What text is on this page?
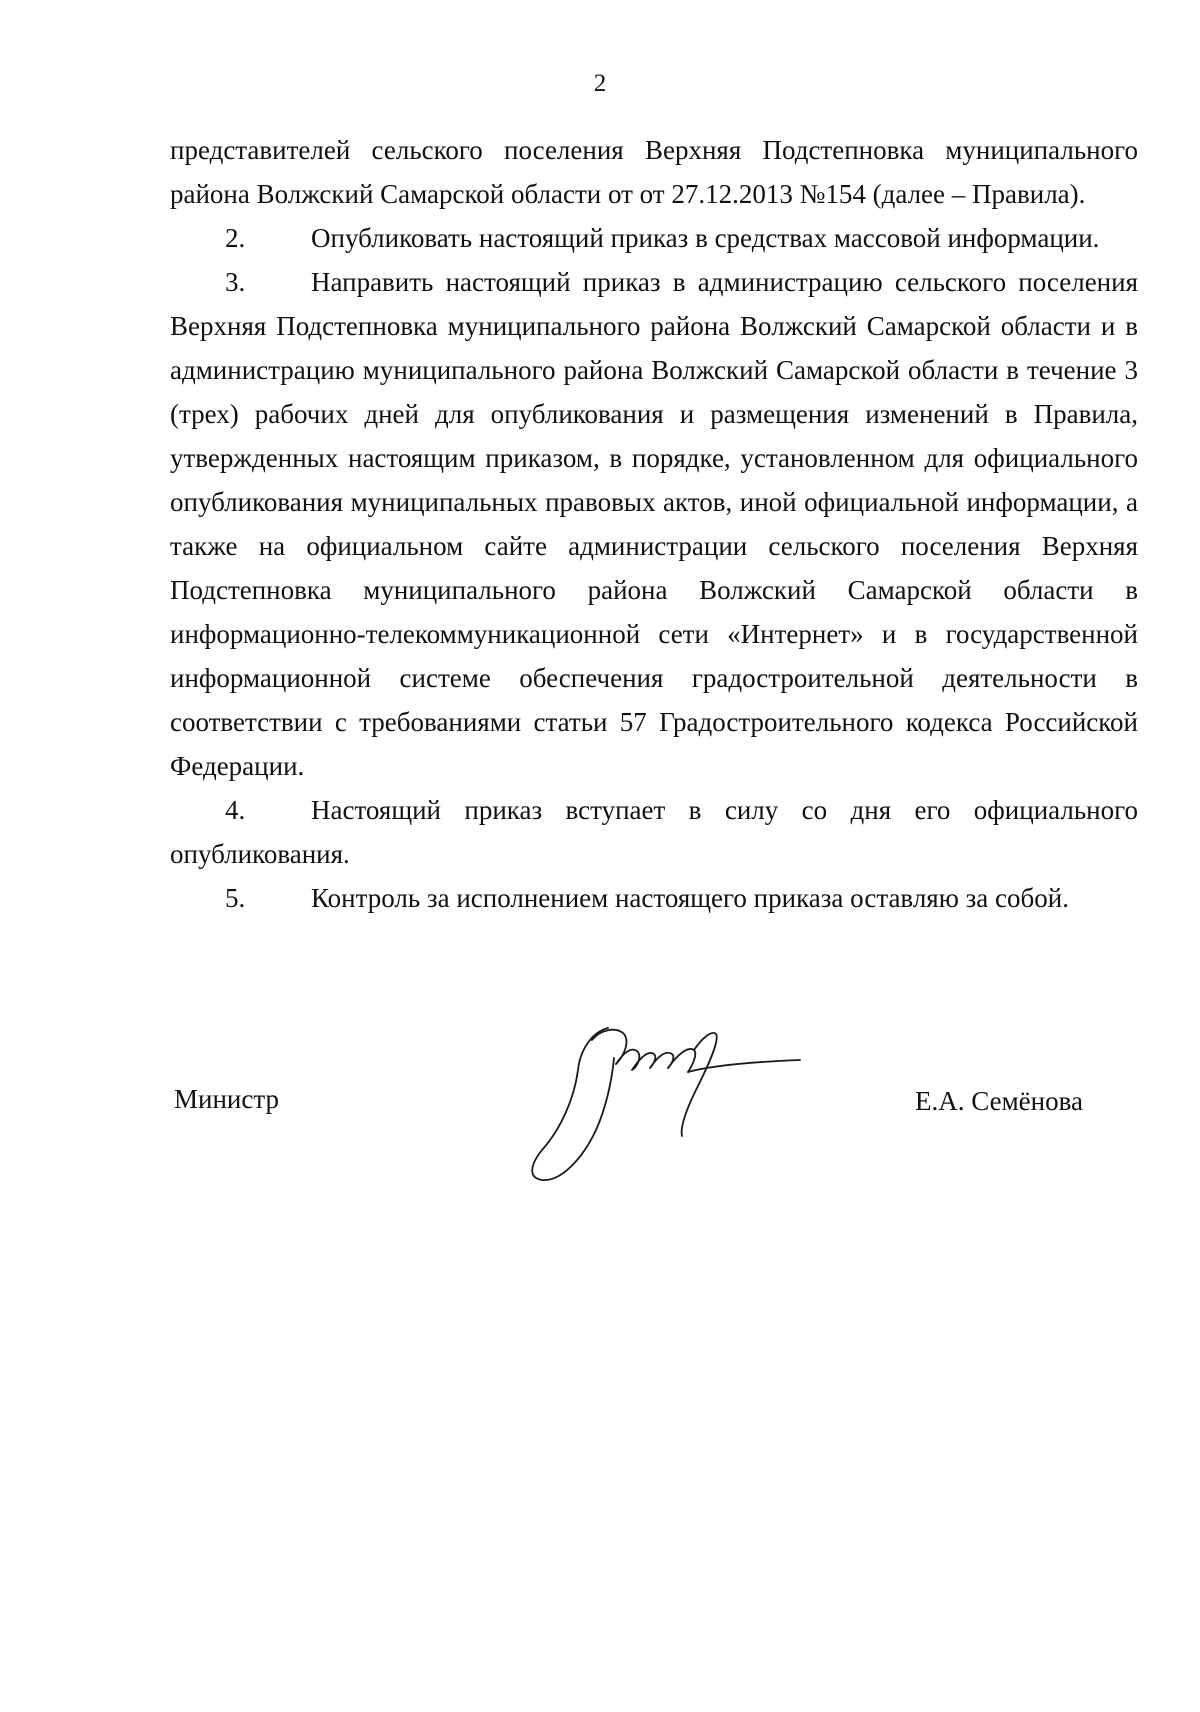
2

представителей сельского поселения Верхняя Подстепновка муниципального района Волжский Самарской области от от 27.12.2013 №154 (далее – Правила).

2. Опубликовать настоящий приказ в средствах массовой информации.

3. Направить настоящий приказ в администрацию сельского поселения Верхняя Подстепновка муниципального района Волжский Самарской области и в администрацию муниципального района Волжский Самарской области в течение 3 (трех) рабочих дней для опубликования и размещения изменений в Правила, утвержденных настоящим приказом, в порядке, установленном для официального опубликования муниципальных правовых актов, иной официальной информации, а также на официальном сайте администрации сельского поселения Верхняя Подстепновка муниципального района Волжский Самарской области в информационно-телекоммуникационной сети «Интернет» и в государственной информационной системе обеспечения градостроительной деятельности в соответствии с требованиями статьи 57 Градостроительного кодекса Российской Федерации.

4. Настоящий приказ вступает в силу со дня его официального опубликования.

5. Контроль за исполнением настоящего приказа оставляю за собой.

Министр	Е.А. Семёнова
